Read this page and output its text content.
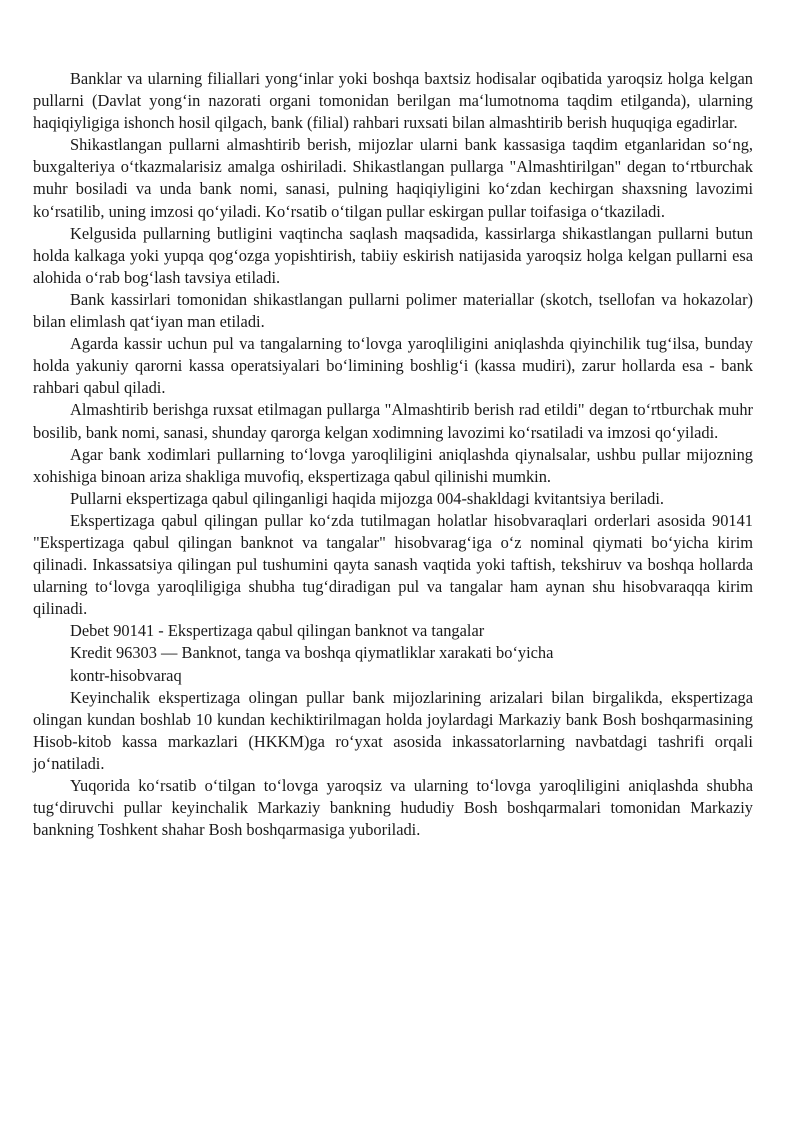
Banklar va ularning filiallari yong‘inlar yoki boshqa baxtsiz hodisalar oqibatida yaroqsiz holga kelgan pullarni (Davlat yong‘in nazorati organi tomonidan berilgan ma‘lumotnoma taqdim etilganda), ularning haqiqiyligiga ishonch hosil qilgach, bank (filial) rahbari ruxsati bilan almashtirib berish huquqiga egadirlar.

Shikastlangan pullarni almashtirib berish, mijozlar ularni bank kassasiga taqdim etganlaridan so‘ng, buxgalteriya o‘tkazmalarisiz amalga oshiriladi. Shikastlangan pullarga "Almashtirilgan" degan to‘rtburchak muhr bosiladi va unda bank nomi, sanasi, pulning haqiqiyligini ko‘zdan kechirgan shaxsning lavozimi ko‘rsatilib, uning imzosi qo‘yiladi. Ko‘rsatib o‘tilgan pullar eskirgan pullar toifasiga o‘tkaziladi.

Kelgusida pullarning butligini vaqtincha saqlash maqsadida, kassirlarga shikastlangan pullarni butun holda kalkaga yoki yupqa qog‘ozga yopishtirish, tabiiy eskirish natijasida yaroqsiz holga kelgan pullarni esa alohida o‘rab bog‘lash tavsiya etiladi.

Bank kassirlari tomonidan shikastlangan pullarni polimer materiallar (skotch, tsellofan va hokazolar) bilan elimlash qat‘iyan man etiladi.

Agarda kassir uchun pul va tangalarning to‘lovga yaroqliligini aniqlashda qiyinchilik tug‘ilsa, bunday holda yakuniy qarorni kassa operatsiyalari bo‘limining boshlig‘i (kassa mudiri), zarur hollarda esa - bank rahbari qabul qiladi.

Almashtirib berishga ruxsat etilmagan pullarga "Almashtirib berish rad etildi" degan to‘rtburchak muhr bosilib, bank nomi, sanasi, shunday qarorga kelgan xodimning lavozimi ko‘rsatiladi va imzosi qo‘yiladi.

Agar bank xodimlari pullarning to‘lovga yaroqliligini aniqlashda qiynalsalar, ushbu pullar mijozning xohishiga binoan ariza shakliga muvofiq, ekspertizaga qabul qilinishi mumkin.

Pullarni ekspertizaga qabul qilinganligi haqida mijozga 004-shakldagi kvitantsiya beriladi.

Ekspertizaga qabul qilingan pullar ko‘zda tutilmagan holatlar hisobvaraqlari orderlari asosida 90141 "Ekspertizaga qabul qilingan banknot va tangalar" hisobvarag‘iga o‘z nominal qiymati bo‘yicha kirim qilinadi. Inkassatsiya qilingan pul tushumini qayta sanash vaqtida yoki taftish, tekshiruv va boshqa hollarda ularning to‘lovga yaroqliligiga shubha tug‘diradigan pul va tangalar ham aynan shu hisobvaraqqa kirim qilinadi.

Debet 90141 - Ekspertizaga qabul qilingan banknot va tangalar

Kredit 96303 — Banknot, tanga va boshqa qiymatliklar xarakati bo‘yicha

kontr-hisobvaraq

Keyinchalik ekspertizaga olingan pullar bank mijozlarining arizalari bilan birgalikda, ekspertizaga olingan kundan boshlab 10 kundan kechiktirilmagan holda joylardagi Markaziy bank Bosh boshqarmasining Hisob-kitob kassa markazlari (HKKM)ga ro‘yxat asosida inkassatorlarning navbatdagi tashrifi orqali jo‘natiladi.

Yuqorida ko‘rsatib o‘tilgan to‘lovga yaroqsiz va ularning to‘lovga yaroqliligini aniqlashda shubha tug‘diruvchi pullar keyinchalik Markaziy bankning hududiy Bosh boshqarmalari tomonidan Markaziy bankning Toshkent shahar Bosh boshqarmasiga yuboriladi.
